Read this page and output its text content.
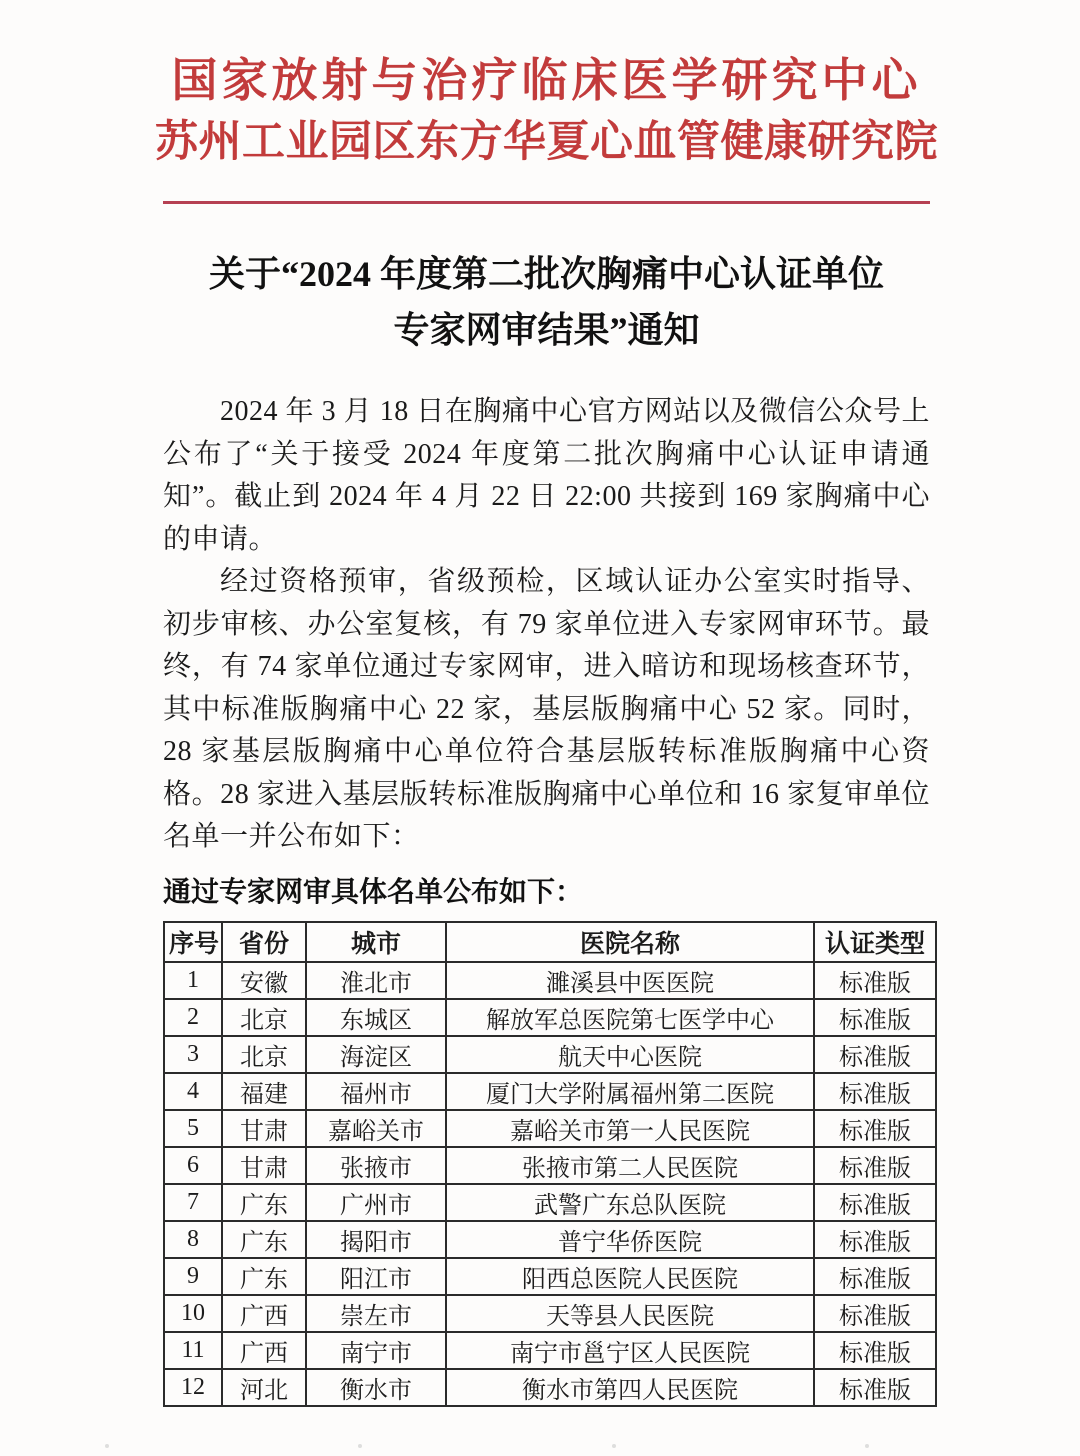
国家放射与治疗临床医学研究中心
苏州工业园区东方华夏心血管健康研究院
关于“2024 年度第二批次胸痛中心认证单位
专家网审结果”通知

2024 年 3 月 18 日在胸痛中心官方网站以及微信公众号上公布了“关于接受 2024 年度第二批次胸痛中心认证申请通知”。截止到 2024 年 4 月 22 日 22:00 共接到 169 家胸痛中心的申请。

经过资格预审，省级预检，区域认证办公室实时指导、初步审核、办公室复核，有 79 家单位进入专家网审环节。最终，有 74 家单位通过专家网审，进入暗访和现场核查环节，其中标准版胸痛中心 22 家，基层版胸痛中心 52 家。同时，28 家基层版胸痛中心单位符合基层版转标准版胸痛中心资格。28 家进入基层版转标准版胸痛中心单位和 16 家复审单位名单一并公布如下：

通过专家网审具体名单公布如下：
序号	省份	城市	医院名称	认证类型
1	安徽	淮北市	濉溪县中医医院	标准版
2	北京	东城区	解放军总医院第七医学中心	标准版
3	北京	海淀区	航天中心医院	标准版
4	福建	福州市	厦门大学附属福州第二医院	标准版
5	甘肃	嘉峪关市	嘉峪关市第一人民医院	标准版
6	甘肃	张掖市	张掖市第二人民医院	标准版
7	广东	广州市	武警广东总队医院	标准版
8	广东	揭阳市	普宁华侨医院	标准版
9	广东	阳江市	阳西总医院人民医院	标准版
10	广西	崇左市	天等县人民医院	标准版
11	广西	南宁市	南宁市邕宁区人民医院	标准版
12	河北	衡水市	衡水市第四人民医院	标准版
